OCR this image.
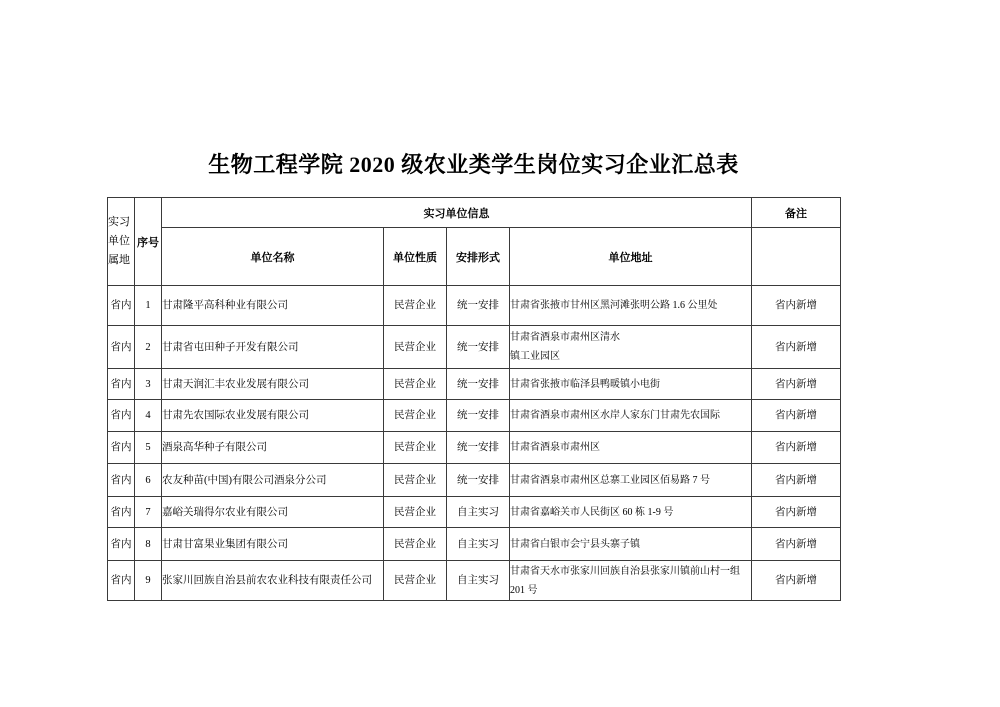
生物工程学院 2020 级农业类学生岗位实习企业汇总表
实习单位属地	序号	实习单位信息				备注
		单位名称	单位性质	安排形式	单位地址	
省内	1	甘肃隆平高科种业有限公司	民营企业	统一安排	甘肃省张掖市甘州区黑河滩张明公路 1.6 公里处	省内新增
省内	2	甘肃省屯田种子开发有限公司	民营企业	统一安排	甘肃省酒泉市肃州区清水
镇工业园区	省内新增
省内	3	甘肃天润汇丰农业发展有限公司	民营企业	统一安排	甘肃省张掖市临泽县鸭暖镇小电街	省内新增
省内	4	甘肃先农国际农业发展有限公司	民营企业	统一安排	甘肃省酒泉市肃州区水岸人家东门甘肃先农国际	省内新增
省内	5	酒泉高华种子有限公司	民营企业	统一安排	甘肃省酒泉市肃州区	省内新增
省内	6	农友种苗(中国)有限公司酒泉分公司	民营企业	统一安排	甘肃省酒泉市肃州区总寨工业园区佰易路 7 号	省内新增
省内	7	嘉峪关瑞得尔农业有限公司	民营企业	自主实习	甘肃省嘉峪关市人民街区 60 栋 1-9 号	省内新增
省内	8	甘肃甘富果业集团有限公司	民营企业	自主实习	甘肃省白银市会宁县头寨子镇	省内新增
省内	9	张家川回族自治县前农农业科技有限责任公司	民营企业	自主实习	甘肃省天水市张家川回族自治县张家川镇前山村一组
201 号	省内新增
